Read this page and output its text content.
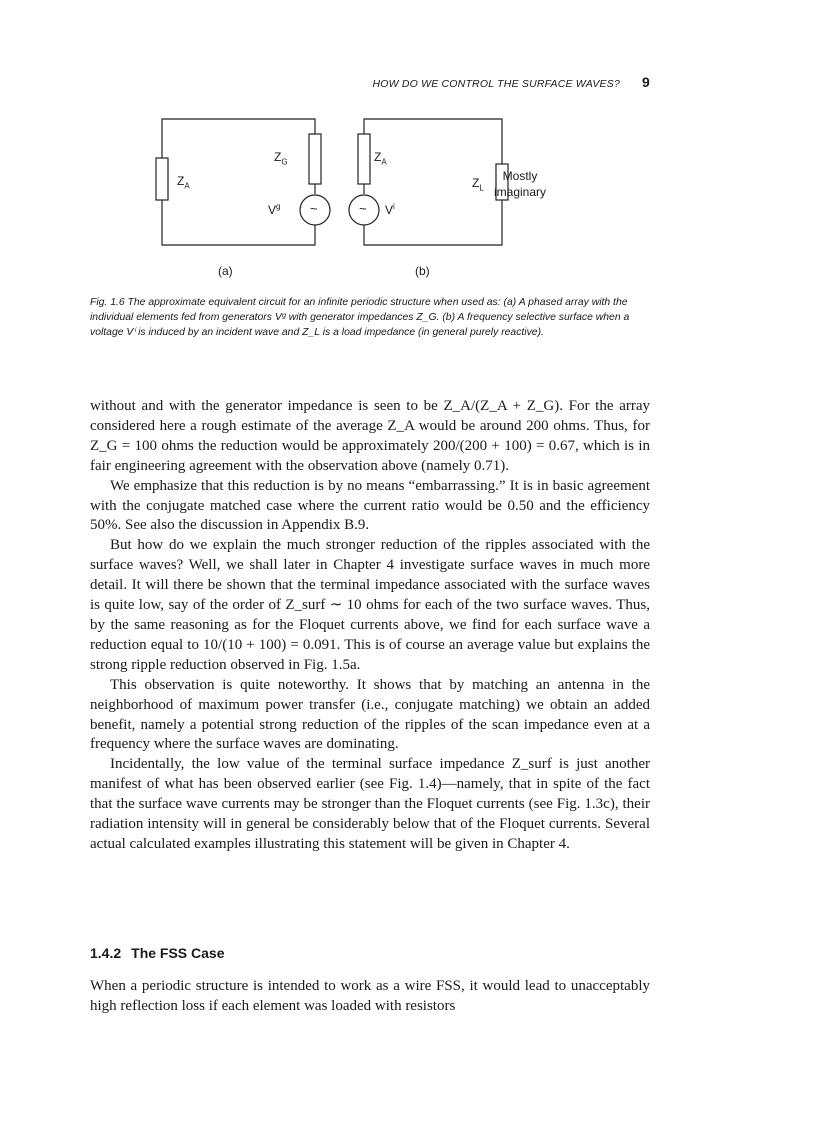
HOW DO WE CONTROL THE SURFACE WAVES? 9
$Z_A$
$Z_G$
$V^g$ ~
$Z_A$
~ $V^i$
$Z_L$
Mostly
imaginary
(a)	(b)
Fig. 1.6 The approximate equivalent circuit for an infinite periodic structure when used as: (a) A phased array with the individual elements fed from generators Vᵍ with generator impedances Z_G. (b) A frequency selective surface when a voltage Vⁱ is induced by an incident wave and Z_L is a load impedance (in general purely reactive).

without and with the generator impedance is seen to be Z_A/(Z_A + Z_G). For the array considered here a rough estimate of the average Z_A would be around 200 ohms. Thus, for Z_G = 100 ohms the reduction would be approximately 200/(200 + 100) = 0.67, which is in fair engineering agreement with the observation above (namely 0.71).

We emphasize that this reduction is by no means “embarrassing.” It is in basic agreement with the conjugate matched case where the current ratio would be 0.50 and the efficiency 50%. See also the discussion in Appendix B.9.

But how do we explain the much stronger reduction of the ripples associated with the surface waves? Well, we shall later in Chapter 4 investigate surface waves in much more detail. It will there be shown that the terminal impedance associated with the surface waves is quite low, say of the order of Z_surf ∼ 10 ohms for each of the two surface waves. Thus, by the same reasoning as for the Floquet currents above, we find for each surface wave a reduction equal to 10/(10 + 100) = 0.091. This is of course an average value but explains the strong ripple reduction observed in Fig. 1.5a.

This observation is quite noteworthy. It shows that by matching an antenna in the neighborhood of maximum power transfer (i.e., conjugate matching) we obtain an added benefit, namely a potential strong reduction of the ripples of the scan impedance even at a frequency where the surface waves are dominating.

Incidentally, the low value of the terminal surface impedance Z_surf is just another manifest of what has been observed earlier (see Fig. 1.4)—namely, that in spite of the fact that the surface wave currents may be stronger than the Floquet currents (see Fig. 1.3c), their radiation intensity will in general be considerably below that of the Floquet currents. Several actual calculated examples illustrating this statement will be given in Chapter 4.

1.4.2 The FSS Case

When a periodic structure is intended to work as a wire FSS, it would lead to unacceptably high reflection loss if each element was loaded with resistors
